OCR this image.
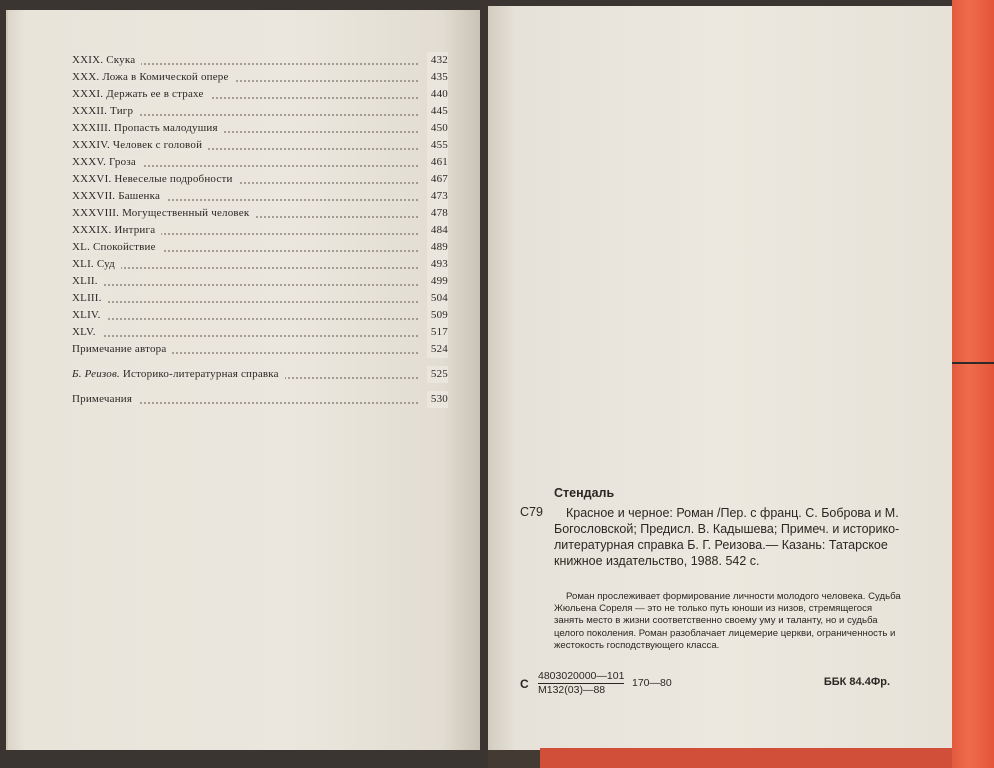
XXIX. Скука	432
XXX. Ложа в Комической опере	435
XXXI. Держать ее в страхе	440
XXXII. Тигр	445
XXXIII. Пропасть малодушия	450
XXXIV. Человек с головой	455
XXXV. Гроза	461
XXXVI. Невеселые подробности	467
XXXVII. Башенка	473
XXXVIII. Могущественный человек	478
XXXIX. Интрига	484
XL. Спокойствие	489
XLI. Суд	493
XLII.	499
XLIII.	504
XLIV.	509
XLV.	517
Примечание автора	524
Б. Реизов. Историко-литературная справка	525
Примечания	530
Стендаль
С79	Красное и черное: Роман /Пер. с франц. С. Боброва и М. Богословской; Предисл. В. Кадышева; Примеч. и историко-литературная справка Б. Г. Реизова.— Казань: Татарское книжное издательство, 1988. 542 с.
Роман прослеживает формирование личности молодого человека. Судьба Жюльена Сореля — это не только путь юноши из низов, стремящегося занять место в жизни соответственно своему уму и таланту, но и судьба целого поколения. Роман разоблачает лицемерие церкви, ограниченность и жестокость господствующего класса.
С
4803020000—101
М132(03)—88
170—80	ББК 84.4Фр.
